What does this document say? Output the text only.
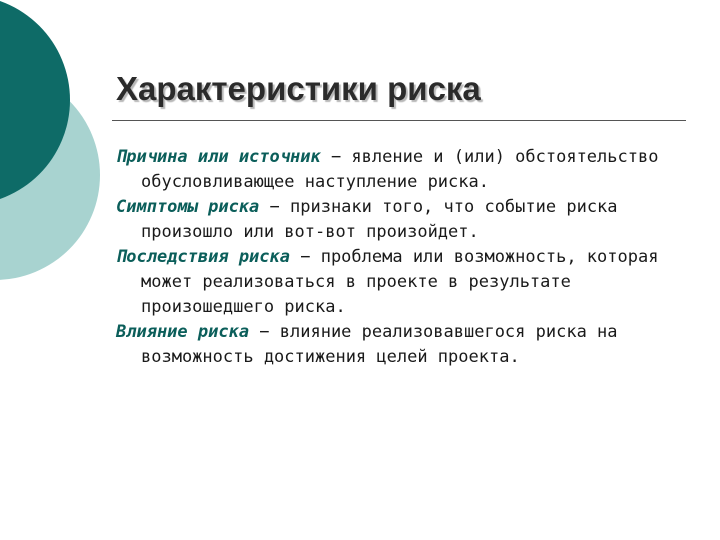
Характеристики риска

Причина или источник − явление и (или) обстоятельство обусловливающее наступление риска.

Симптомы риска − признаки того, что событие риска произошло или вот-вот произойдет.

Последствия риска − проблема или возможность, которая может реализоваться в проекте в результате произошедшего риска.

Влияние риска − влияние реализовавшегося риска на возможность достижения целей проекта.
